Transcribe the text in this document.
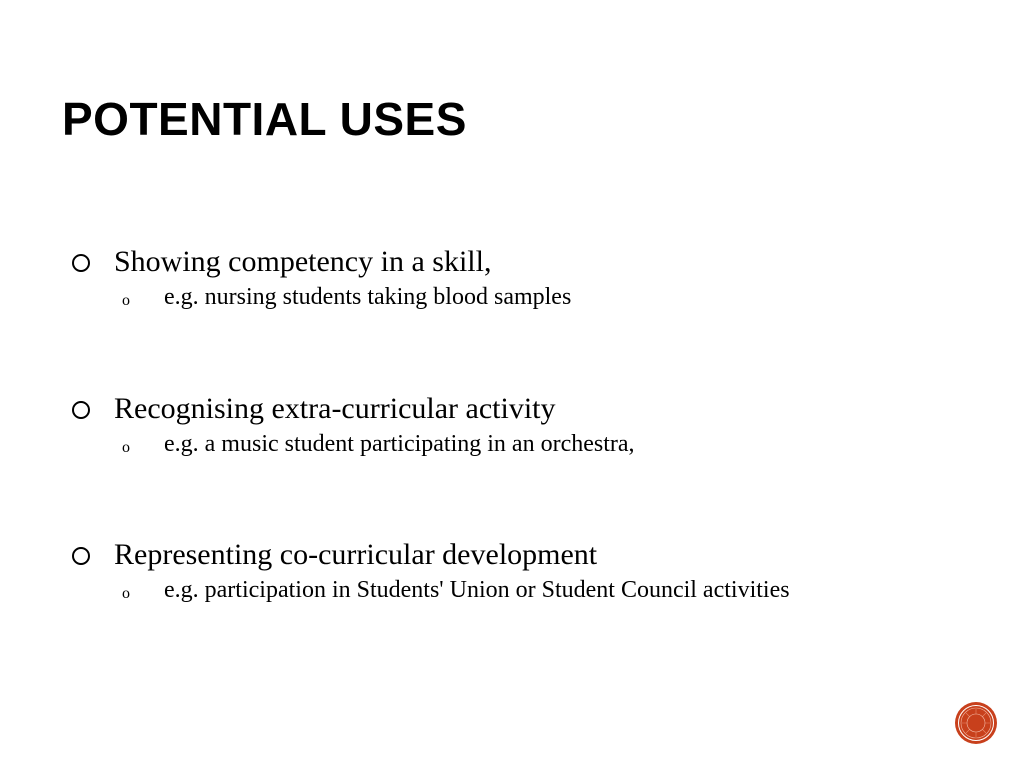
POTENTIAL USES
Showing competency in a skill,
o	e.g. nursing students taking blood samples
Recognising extra-curricular activity
o	e.g. a music student participating in an orchestra,
Representing co-curricular development
o	e.g. participation in Students' Union or Student Council activities
